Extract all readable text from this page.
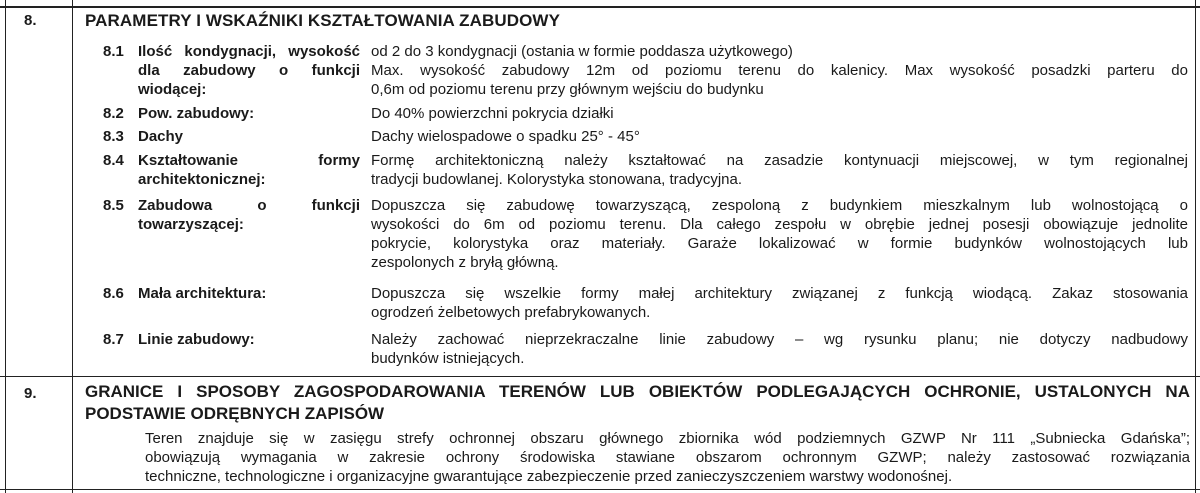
8.	PARAMETRY I WSKAŹNIKI KSZTAŁTOWANIA ZABUDOWY
8.1 Ilość kondygnacji, wysokość dla zabudowy o funkcji wiodącej:
od 2 do 3 kondygnacji (ostania w formie poddasza użytkowego)
Max. wysokość zabudowy 12m od poziomu terenu do kalenicy. Max wysokość posadzki parteru do
0,6m od poziomu terenu przy głównym wejściu do budynku
8.2 Pow. zabudowy:	Do 40% powierzchni pokrycia działki
8.3 Dachy	Dachy wielospadowe o spadku 25° - 45°
8.4 Kształtowanie formy architektonicznej:
Formę architektoniczną należy kształtować na zasadzie kontynuacji miejscowej, w tym regionalnej
tradycji budowlanej. Kolorystyka stonowana, tradycyjna.
8.5 Zabudowa o funkcji towarzyszącej:
Dopuszcza się zabudowę towarzyszącą, zespoloną z budynkiem mieszkalnym lub wolnostojącą o
wysokości do 6m od poziomu terenu. Dla całego zespołu w obrębie jednej posesji obowiązuje jednolite
pokrycie, kolorystyka oraz materiały. Garaże lokalizować w formie budynków wolnostojących lub
zespolonych z bryłą główną.
8.6 Mała architektura:	Dopuszcza się wszelkie formy małej architektury związanej z funkcją wiodącą. Zakaz stosowania
ogrodzeń żelbetowych prefabrykowanych.
8.7 Linie zabudowy:	Należy zachować nieprzekraczalne linie zabudowy – wg rysunku planu; nie dotyczy nadbudowy
budynków istniejących.
9.	GRANICE I SPOSOBY ZAGOSPODAROWANIA TERENÓW LUB OBIEKTÓW PODLEGAJĄCYCH OCHRONIE, USTALONYCH NA PODSTAWIE ODRĘBNYCH ZAPISÓW
Teren znajduje się w zasięgu strefy ochronnej obszaru głównego zbiornika wód podziemnych GZWP Nr 111 „Subniecka Gdańska”;
obowiązują wymagania w zakresie ochrony środowiska stawiane obszarom ochronnym GZWP; należy zastosować rozwiązania
techniczne, technologiczne i organizacyjne gwarantujące zabezpieczenie przed zanieczyszczeniem warstwy wodonośnej.
